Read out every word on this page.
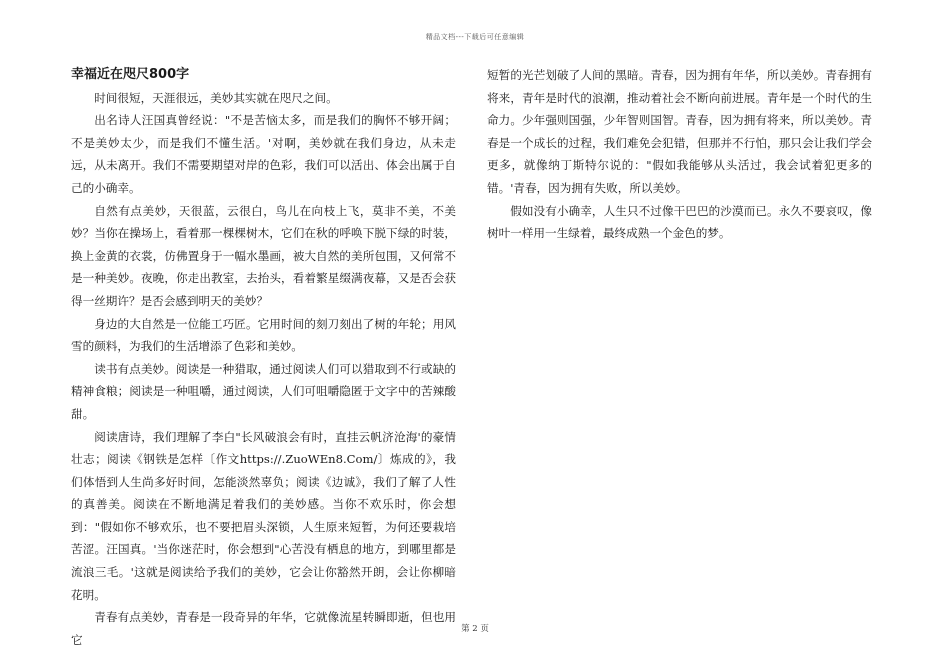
精品文档---下载后可任意编辑
幸福近在咫尺800字

时间很短，天涯很远，美妙其实就在咫尺之间。

出名诗人汪国真曾经说："不是苦恼太多，而是我们的胸怀不够开阔；不是美妙太少，而是我们不懂生活。'对啊，美妙就在我们身边，从未走远，从未离开。我们不需要期望对岸的色彩，我们可以活出、体会出属于自己的小确幸。

自然有点美妙，天很蓝，云很白，鸟儿在向枝上飞，莫非不美，不美妙？当你在操场上，看着那一棵棵树木，它们在秋的呼唤下脱下绿的时装，换上金黄的衣裳，仿佛置身于一幅水墨画，被大自然的美所包围，又何常不是一种美妙。夜晚，你走出教室，去抬头，看着繁星缀满夜幕，又是否会获得一丝期许？是否会感到明天的美妙？

身边的大自然是一位能工巧匠。它用时间的刻刀刻出了树的年轮；用风雪的颜料，为我们的生活增添了色彩和美妙。

读书有点美妙。阅读是一种猎取，通过阅读人们可以猎取到不行或缺的精神食粮；阅读是一种咀嚼，通过阅读，人们可咀嚼隐匿于文字中的苦辣酸甜。

阅读唐诗，我们理解了李白"长风破浪会有时，直挂云帆济沧海'的豪情壮志；阅读《钢铁是怎样〔作文https://.ZuoWEn8.Com/〕炼成的》，我们体悟到人生尚多好时间，怎能淡然辜负；阅读《边诚》，我们了解了人性的真善美。阅读在不断地满足着我们的美妙感。当你不欢乐时，你会想到："假如你不够欢乐，也不要把眉头深锁，人生原来短暂，为何还要栽培苦涩。汪国真。'当你迷茫时，你会想到"心苦没有栖息的地方，到哪里都是流浪三毛。'这就是阅读给予我们的美妙，它会让你豁然开朗，会让你柳暗花明。

青春有点美妙，青春是一段奇异的年华，它就像流星转瞬即逝，但也用它

短暂的光芒划破了人间的黑暗。青春，因为拥有年华，所以美妙。青春拥有将来，青年是时代的浪潮，推动着社会不断向前进展。青年是一个时代的生命力。少年强则国强，少年智则国智。青春，因为拥有将来，所以美妙。青春是一个成长的过程，我们难免会犯错，但那并不行怕，那只会让我们学会更多，就像纳丁斯特尔说的："假如我能够从头活过，我会试着犯更多的错。'青春，因为拥有失败，所以美妙。

假如没有小确幸，人生只不过像干巴巴的沙漠而已。永久不要哀叹，像树叶一样用一生绿着，最终成熟一个金色的梦。

第 2 页
